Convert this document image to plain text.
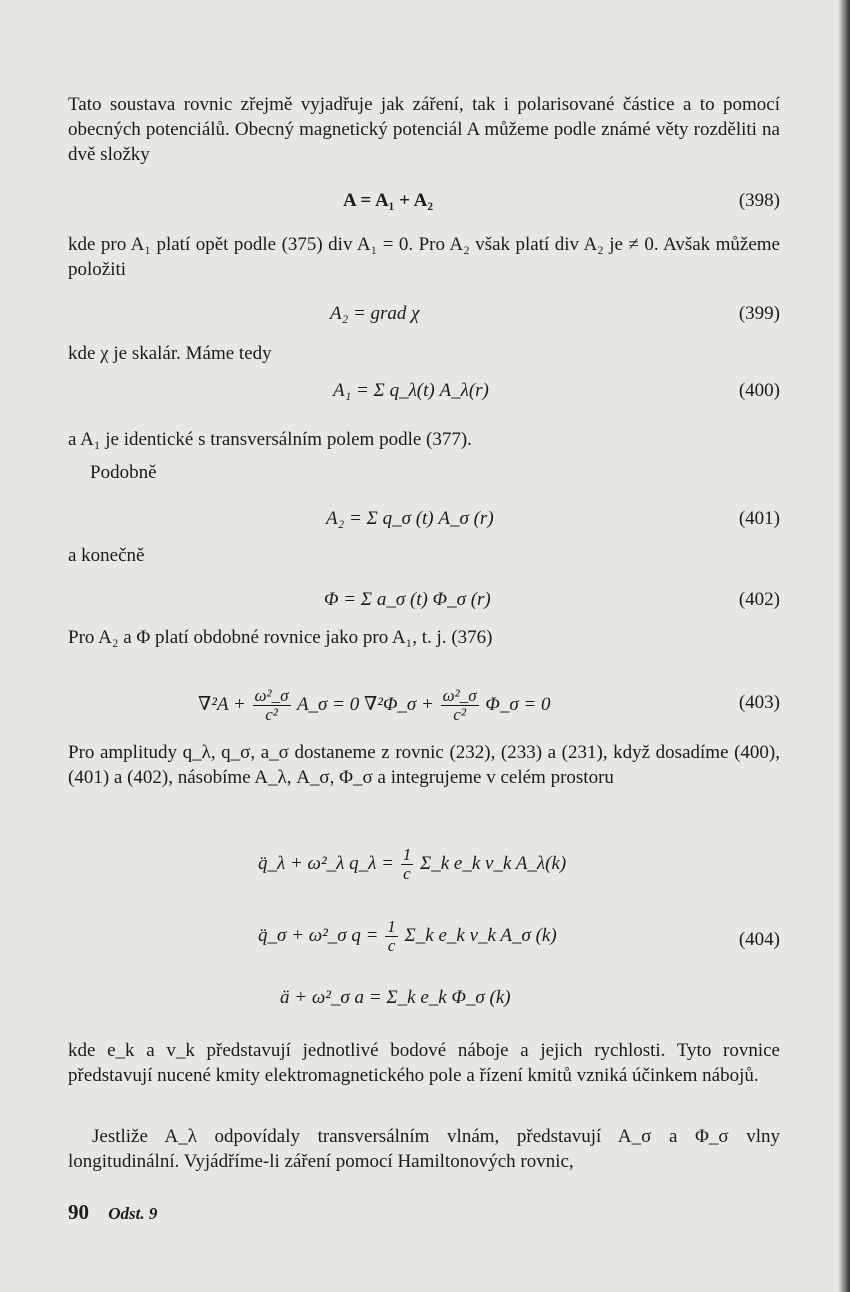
Tato soustava rovnic zřejmě vyjadřuje jak záření, tak i polarisované částice a to pomocí obecných potenciálů. Obecný magnetický potenciál A můžeme podle známé věty rozděliti na dvě složky

A = A₁ + A₂	(398)

kde pro A₁ platí opět podle (375) div A₁ = 0. Pro A₂ však platí div A₂ je ≠ 0. Avšak můžeme položiti

A₂ = grad χ	(399)

kde χ je skalár. Máme tedy

A₁ = Σ q_λ(t) A_λ(r)	(400)

a A₁ je identické s transversálním polem podle (377).

Podobně

A₂ = Σ q_σ (t) A_σ (r)	(401)

a konečně

Φ = Σ a_σ (t) Φ_σ (r)	(402)

Pro A₂ a Φ platí obdobné rovnice jako pro A₁, t. j. (376)

$\nabla^2A + \frac{\text{ω²\_σ}}{\text{c²}}$ A_σ = 0 ∇²Φ_σ + $\frac{\text{ω²\_σ}}{\text{c²}}$ Φ_σ = 0	(403)

Pro amplitudy q_λ, q_σ, a_σ dostaneme z rovnic (232), (233) a (231), když dosadíme (400), (401) a (402), násobíme A_λ, A_σ, Φ_σ a integrujeme v celém prostoru

q̈_λ + ω²_λ q_λ = $\frac{1}{c}$ Σ_k e_k v_k A_λ(k)
q̈_σ + ω²_σ $q = \frac{1}{c}$ Σ_k e_k v_k A_σ (k)	(404)
ä + ω²_σ a = Σ_k e_k Φ_σ (k)

kde e_k a v_k představují jednotlivé bodové náboje a jejich rychlosti. Tyto rovnice představují nucené kmity elektromagnetického pole a řízení kmitů vzniká účinkem nábojů.

Jestliže A_λ odpovídaly transversálním vlnám, představují A_σ a Φ_σ vlny longitudinální. Vyjádříme-li záření pomocí Hamiltonových rovnic,

90 Odst. 9
